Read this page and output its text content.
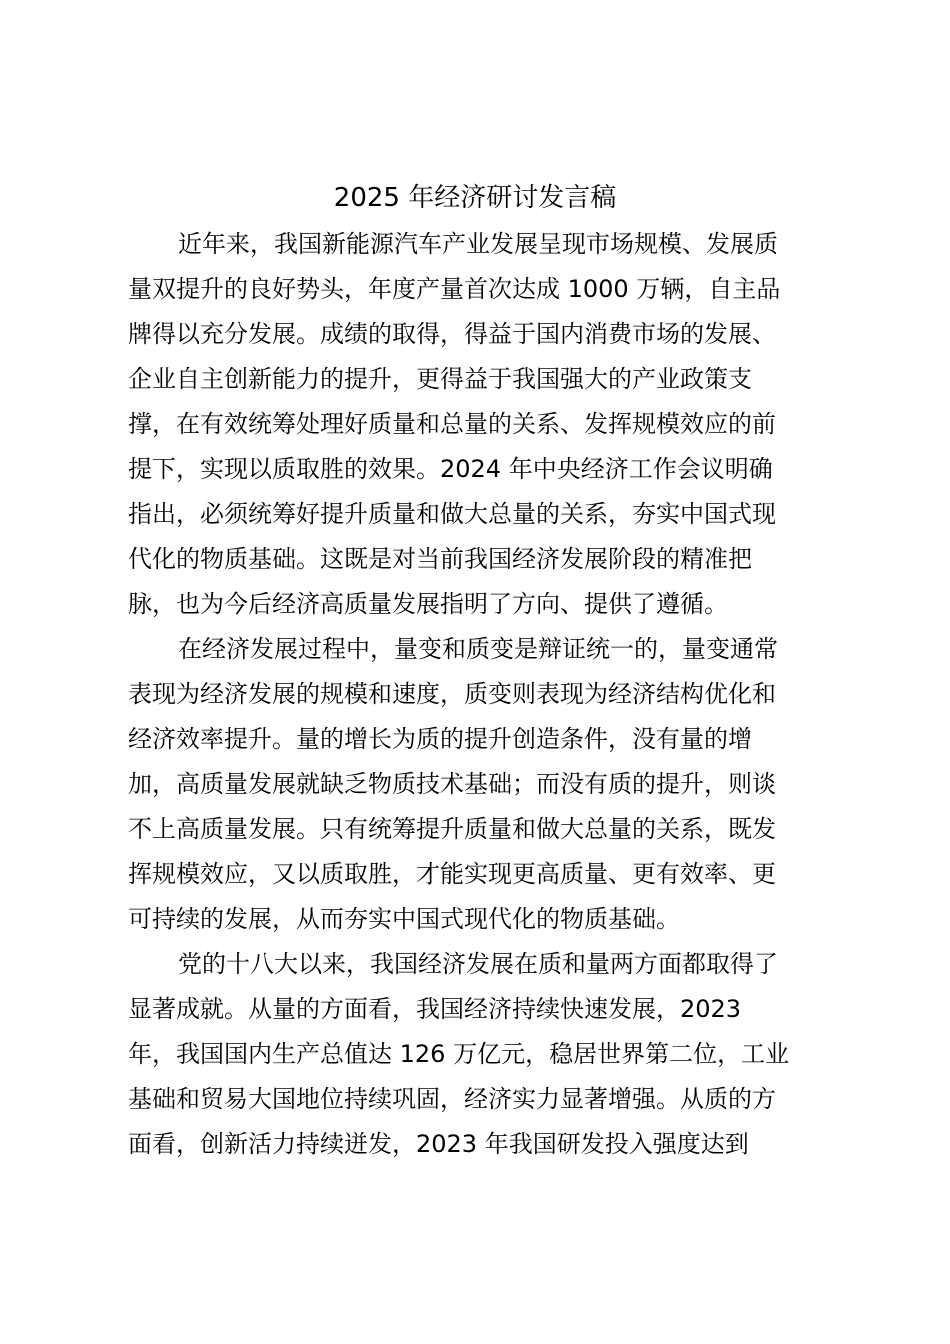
2025 年经济研讨发言稿
近年来，我国新能源汽车产业发展呈现市场规模、发展质
量双提升的良好势头，年度产量首次达成 1000 万辆，自主品
牌得以充分发展。成绩的取得，得益于国内消费市场的发展、
企业自主创新能力的提升，更得益于我国强大的产业政策支
撑，在有效统筹处理好质量和总量的关系、发挥规模效应的前
提下，实现以质取胜的效果。2024 年中央经济工作会议明确
指出，必须统筹好提升质量和做大总量的关系，夯实中国式现
代化的物质基础。这既是对当前我国经济发展阶段的精准把
脉，也为今后经济高质量发展指明了方向、提供了遵循。
在经济发展过程中，量变和质变是辩证统一的，量变通常
表现为经济发展的规模和速度，质变则表现为经济结构优化和
经济效率提升。量的增长为质的提升创造条件，没有量的增
加，高质量发展就缺乏物质技术基础；而没有质的提升，则谈
不上高质量发展。只有统筹提升质量和做大总量的关系，既发
挥规模效应，又以质取胜，才能实现更高质量、更有效率、更
可持续的发展，从而夯实中国式现代化的物质基础。
党的十八大以来，我国经济发展在质和量两方面都取得了
显著成就。从量的方面看，我国经济持续快速发展，2023
年，我国国内生产总值达 126 万亿元，稳居世界第二位，工业
基础和贸易大国地位持续巩固，经济实力显著增强。从质的方
面看，创新活力持续迸发，2023 年我国研发投入强度达到
